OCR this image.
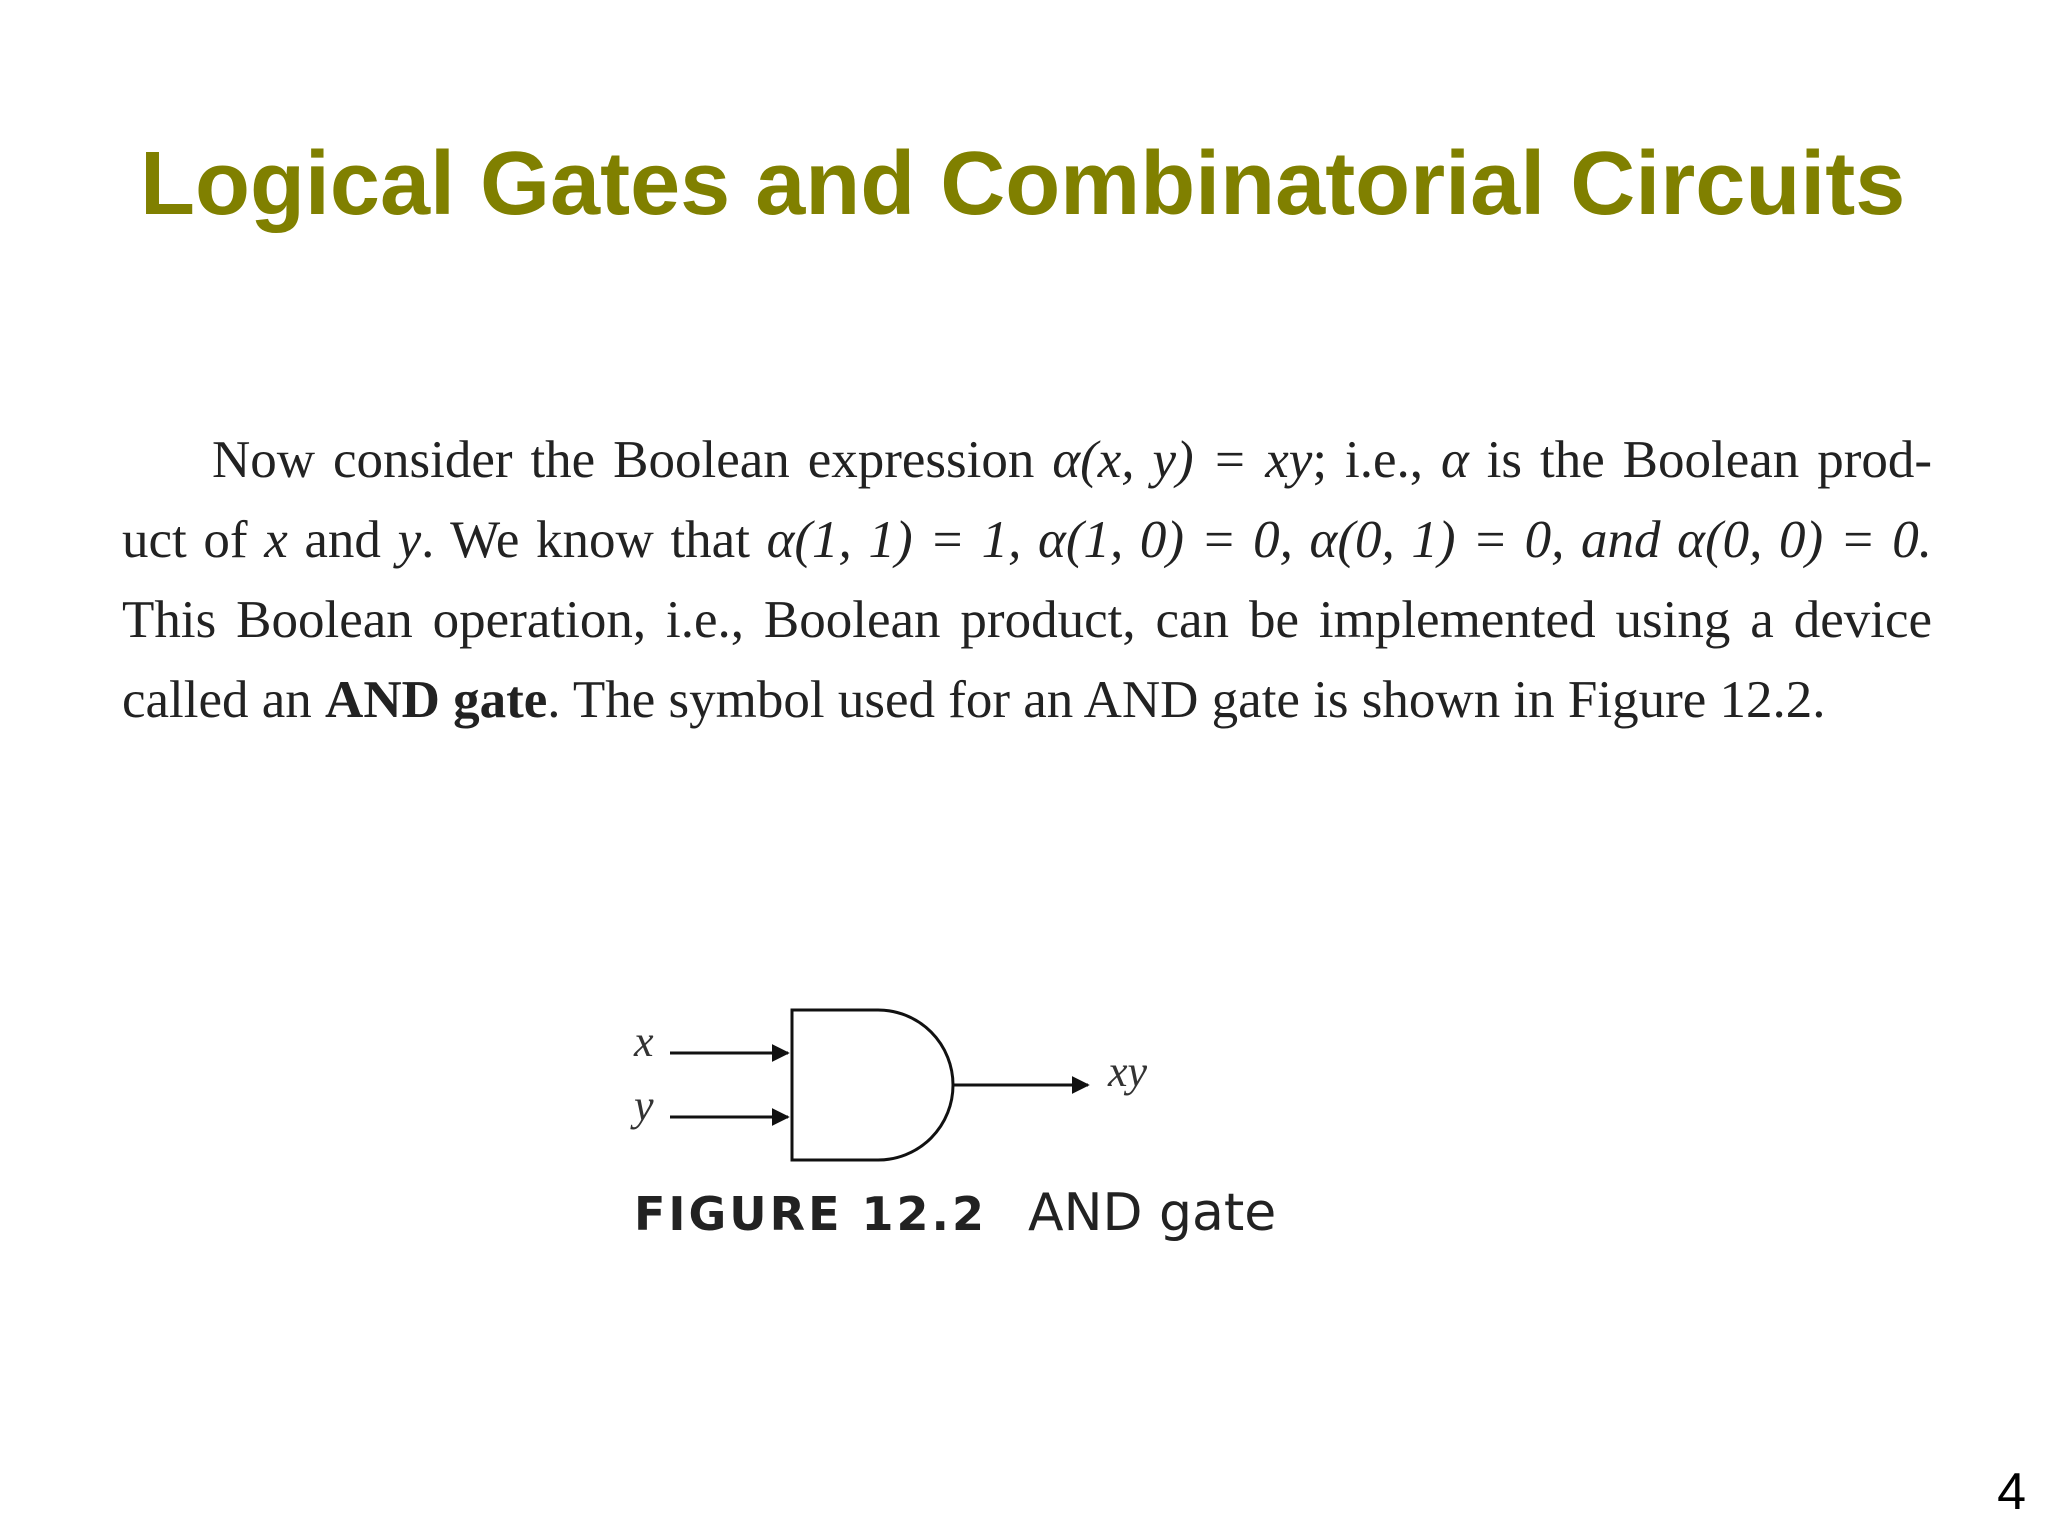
Logical Gates and Combinatorial Circuits
Now consider the Boolean expression α(x, y) = xy; i.e., α is the Boolean prod-
uct of x and y. We know that α(1, 1) = 1, α(1, 0) = 0, α(0, 1) = 0, and α(0, 0) = 0.
This Boolean operation, i.e., Boolean product, can be implemented using a device
called an AND gate. The symbol used for an AND gate is shown in Figure 12.2.
x
y
xy
FIGURE 12.2 AND gate
4
